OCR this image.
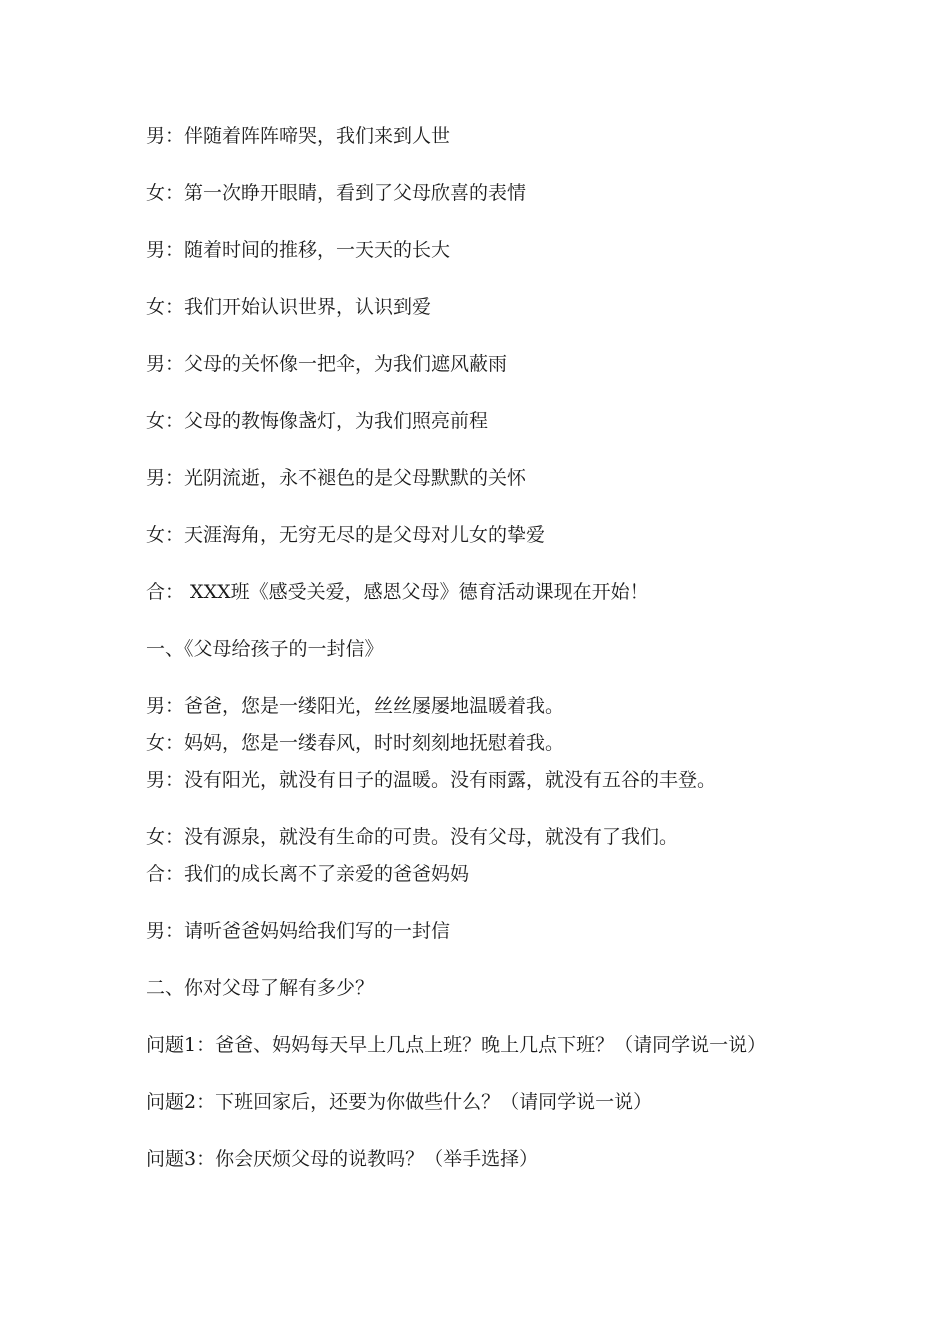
男：伴随着阵阵啼哭，我们来到人世
女：第一次睁开眼睛，看到了父母欣喜的表情
男：随着时间的推移，一天天的长大
女：我们开始认识世界，认识到爱
男：父母的关怀像一把伞，为我们遮风蔽雨
女：父母的教悔像盏灯，为我们照亮前程
男：光阴流逝，永不褪色的是父母默默的关怀
女：天涯海角，无穷无尽的是父母对儿女的挚爱
合： XXX班《感受关爱，感恩父母》德育活动课现在开始！
一、《父母给孩子的一封信》
男：爸爸，您是一缕阳光，丝丝屡屡地温暖着我。
女：妈妈，您是一缕春风，时时刻刻地抚慰着我。
男：没有阳光，就没有日子的温暖。没有雨露，就没有五谷的丰登。
女：没有源泉，就没有生命的可贵。没有父母，就没有了我们。
合：我们的成长离不了亲爱的爸爸妈妈
男：请听爸爸妈妈给我们写的一封信
二、你对父母了解有多少？
问题1：爸爸、妈妈每天早上几点上班？晚上几点下班？（请同学说一说）
问题2：下班回家后，还要为你做些什么？（请同学说一说）
问题3：你会厌烦父母的说教吗？（举手选择）
